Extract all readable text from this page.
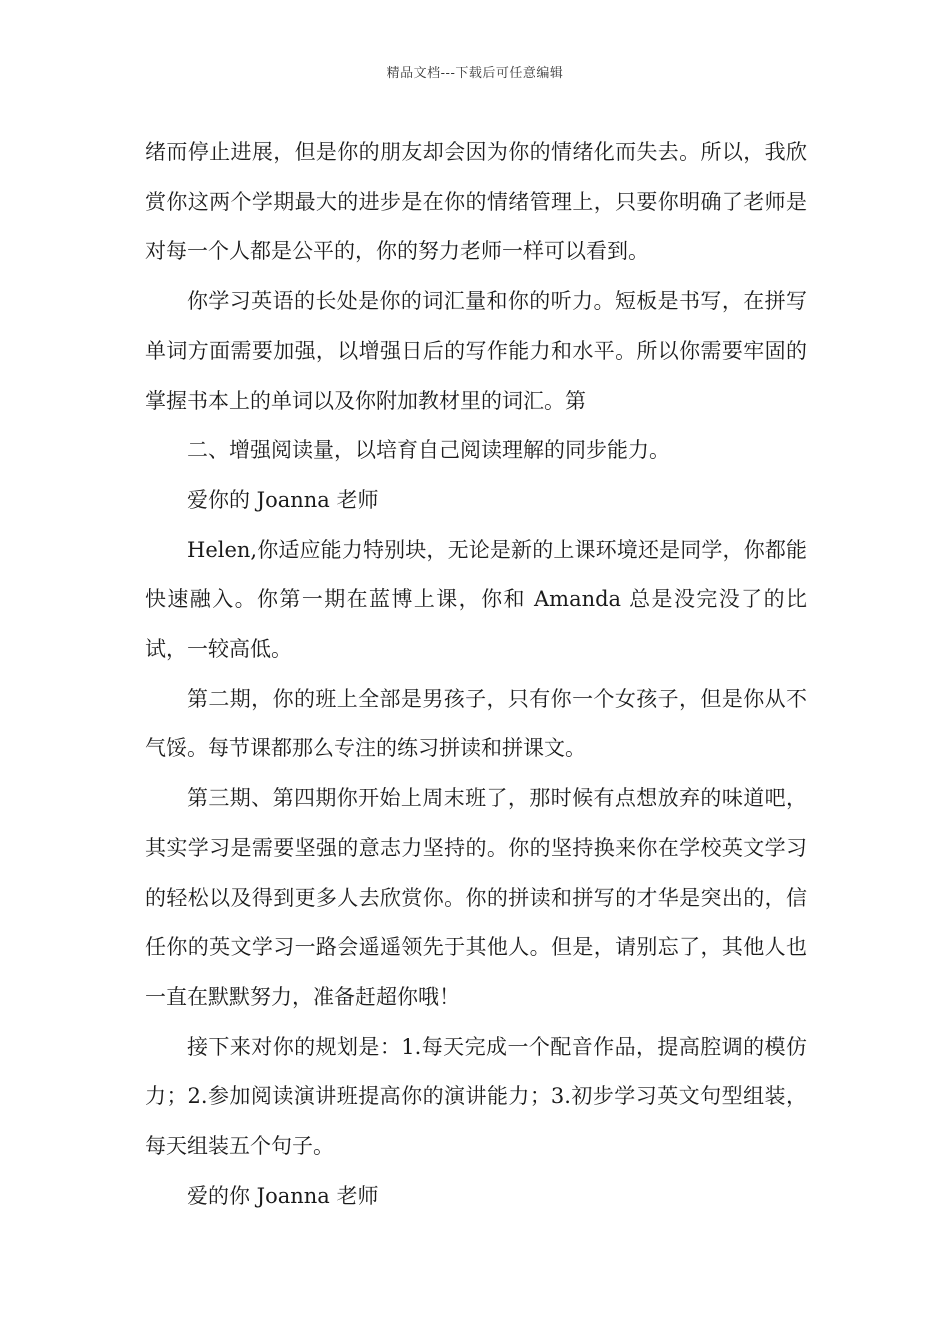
精品文档---下载后可任意编辑

绪而停止进展，但是你的朋友却会因为你的情绪化而失去。所以，我欣赏你这两个学期最大的进步是在你的情绪管理上，只要你明确了老师是对每一个人都是公平的，你的努力老师一样可以看到。

你学习英语的长处是你的词汇量和你的听力。短板是书写，在拼写单词方面需要加强，以增强日后的写作能力和水平。所以你需要牢固的掌握书本上的单词以及你附加教材里的词汇。第

二、增强阅读量，以培育自己阅读理解的同步能力。

爱你的 Joanna 老师

Helen,你适应能力特别块，无论是新的上课环境还是同学，你都能快速融入。你第一期在蓝博上课，你和 Amanda 总是没完没了的比试，一较高低。

第二期，你的班上全部是男孩子，只有你一个女孩子，但是你从不气馁。每节课都那么专注的练习拼读和拼课文。

第三期、第四期你开始上周末班了，那时候有点想放弃的味道吧，其实学习是需要坚强的意志力坚持的。你的坚持换来你在学校英文学习的轻松以及得到更多人去欣赏你。你的拼读和拼写的才华是突出的，信任你的英文学习一路会遥遥领先于其他人。但是，请别忘了，其他人也一直在默默努力，准备赶超你哦！

接下来对你的规划是：1.每天完成一个配音作品，提高腔调的模仿力；2.参加阅读演讲班提高你的演讲能力；3.初步学习英文句型组装，每天组装五个句子。

爱的你 Joanna 老师
